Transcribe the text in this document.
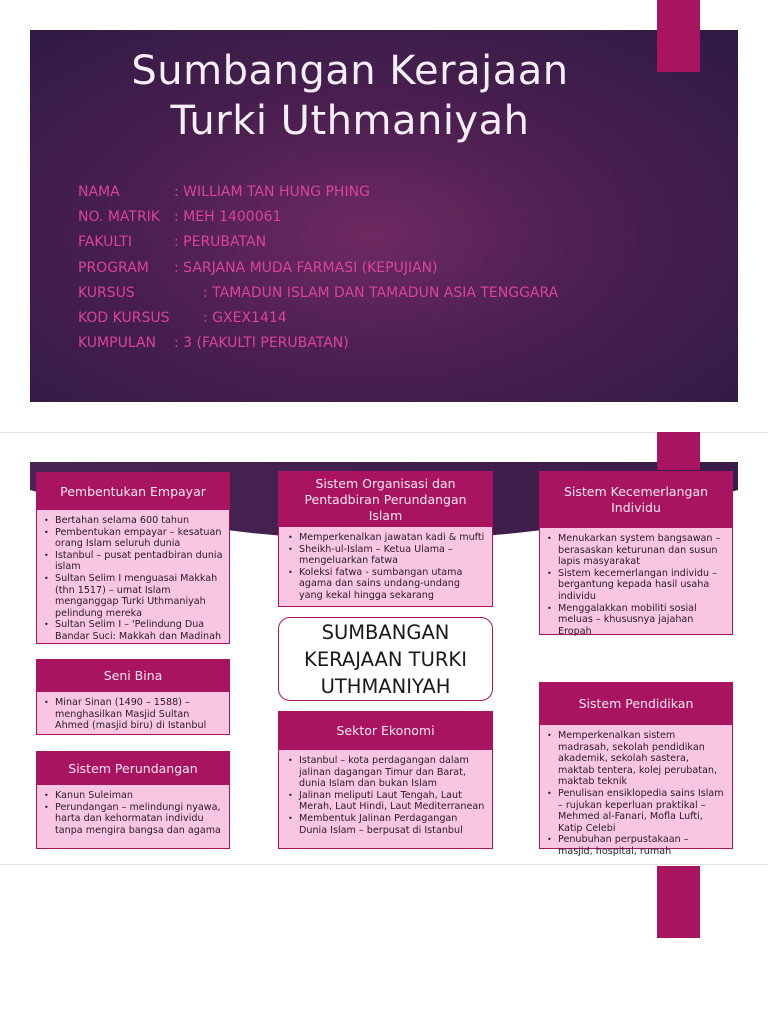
Sumbangan Kerajaan
Turki Uthmaniyah
NAMA	: WILLIAM TAN HUNG PHING
NO. MATRIK : MEH 1400061
FAKULTI	: PERUBATAN
PROGRAM : SARJANA MUDA FARMASI (KEPUJIAN)
KURSUS	: TAMADUN ISLAM DAN TAMADUN ASIA TENGGARA
KOD KURSUS : GXEX1414
KUMPULAN : 3 (FAKULTI PERUBATAN)
Pembentukan Empayar
• Bertahan selama 600 tahun
• Pembentukan empayar – kesatuan orang Islam seluruh dunia
• Istanbul – pusat pentadbiran dunia islam
• Sultan Selim I menguasai Makkah (thn 1517) – umat Islam menganggap Turki Uthmaniyah pelindung mereka
• Sultan Selim I – 'Pelindung Dua Bandar Suci: Makkah dan Madinah
Seni Bina
• Minar Sinan (1490 – 1588) – menghasilkan Masjid Sultan Ahmed (masjid biru) di Istanbul
Sistem Perundangan
• Kanun Suleiman
• Perundangan – melindungi nyawa, harta dan kehormatan individu tanpa mengira bangsa dan agama
Sistem Organisasi dan Pentadbiran Perundangan Islam
• Memperkenalkan jawatan kadi & mufti
• Sheikh-ul-Islam – Ketua Ulama – mengeluarkan fatwa
• Koleksi fatwa - sumbangan utama agama dan sains undang-undang yang kekal hingga sekarang
SUMBANGAN KERAJAAN TURKI UTHMANIYAH
Sektor Ekonomi
• Istanbul – kota perdagangan dalam jalinan dagangan Timur dan Barat, dunia Islam dan bukan Islam
• Jalinan meliputi Laut Tengah, Laut Merah, Laut Hindi, Laut Mediterranean
• Membentuk Jalinan Perdagangan Dunia Islam – berpusat di Istanbul
Sistem Kecemerlangan Individu
• Menukarkan system bangsawan – berasaskan keturunan dan susun lapis masyarakat
• Sistem kecemerlangan individu – bergantung kepada hasil usaha individu
• Menggalakkan mobiliti sosial meluas – khususnya jajahan Eropah
Sistem Pendidikan
• Memperkenalkan sistem madrasah, sekolah pendidikan akademik, sekolah sastera, maktab tentera, kolej perubatan, maktab teknik
• Penulisan ensiklopedia sains Islam – rujukan keperluan praktikal – Mehmed al-Fanari, Mofla Lufti, Katip Celebi
• Penubuhan perpustakaan – masjid, hospital, rumah
